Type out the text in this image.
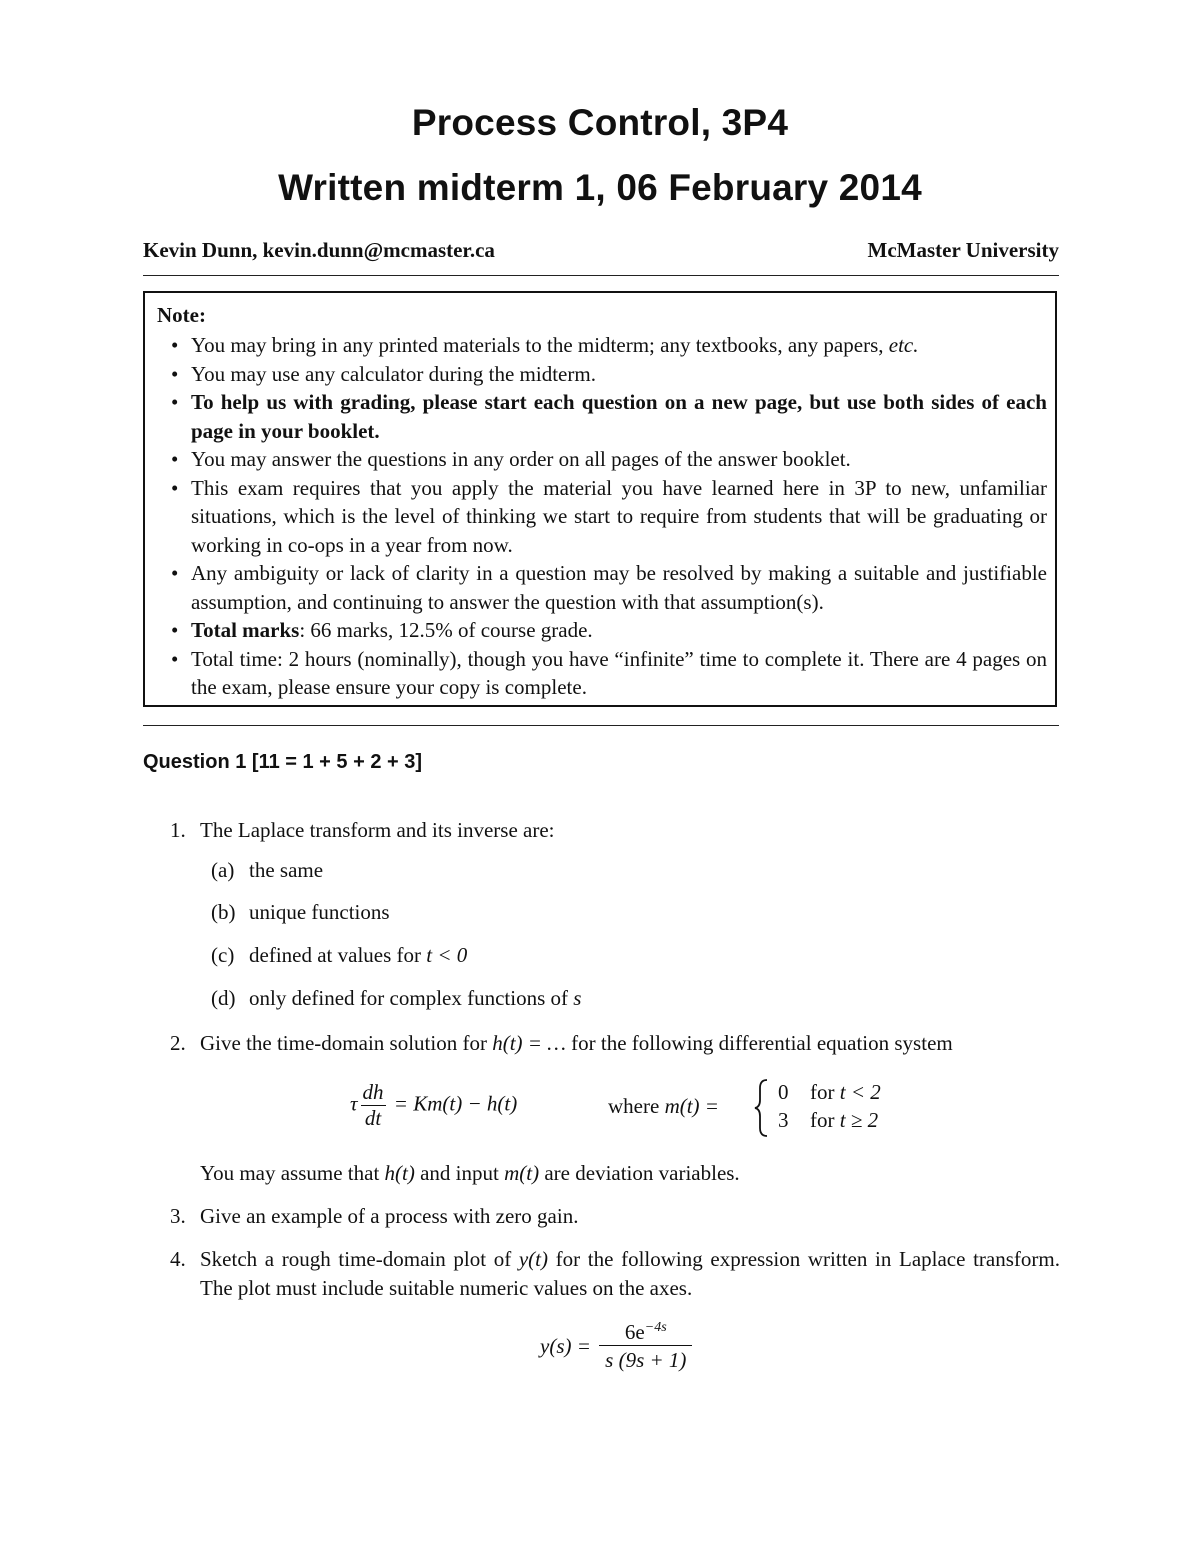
Process Control, 3P4
Written midterm 1, 06 February 2014
Kevin Dunn, kevin.dunn@mcmaster.ca	McMaster University
Note:
• You may bring in any printed materials to the midterm; any textbooks, any papers, etc.
• You may use any calculator during the midterm.
• To help us with grading, please start each question on a new page, but use both sides of each page in your booklet.
• You may answer the questions in any order on all pages of the answer booklet.
• This exam requires that you apply the material you have learned here in 3P to new, unfamiliar situations, which is the level of thinking we start to require from students that will be graduating or working in co-ops in a year from now.
• Any ambiguity or lack of clarity in a question may be resolved by making a suitable and justifiable assumption, and continuing to answer the question with that assumption(s).
• Total marks: 66 marks, 12.5% of course grade.
• Total time: 2 hours (nominally), though you have “infinite” time to complete it. There are 4 pages on the exam, please ensure your copy is complete.
Question 1 [11 = 1 + 5 + 2 + 3]
1. The Laplace transform and its inverse are:
(a) the same
(b) unique functions
(c) defined at values for t < 0
(d) only defined for complex functions of s
2. Give the time-domain solution for h(t) = … for the following differential equation system
τ $\frac{dh}{dt} = Km(t) - h(t)$	where m(t) =
0 for t < 2
3 for t ≥ 2
You may assume that h(t) and input m(t) are deviation variables.
3. Give an example of a process with zero gain.
4. Sketch a rough time-domain plot of y(t) for the following expression written in Laplace transform. The plot must include suitable numeric values on the axes.
$y(s) = \frac{6e^{-4s}}{s (9s + 1)}$
